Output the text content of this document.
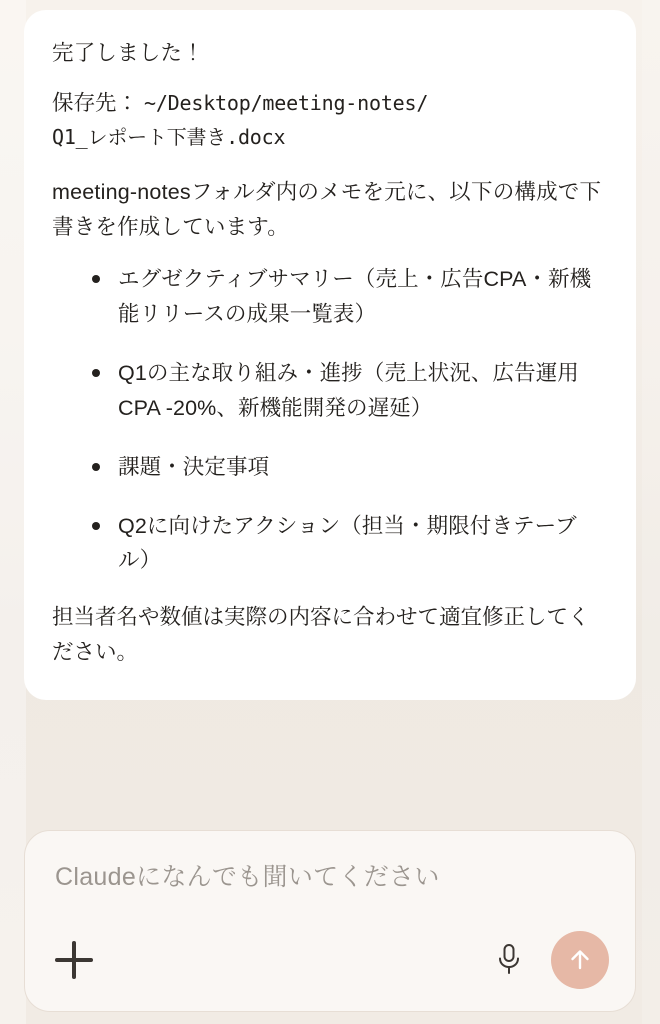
完了しました！

保存先： ~/Desktop/meeting-notes/
Q1_レポート下書き.docx

meeting-notesフォルダ内のメモを元に、以下の構成で下書きを作成しています。

エグゼクティブサマリー（売上・広告CPA・新機能リリースの成果一覧表）
Q1の主な取り組み・進捗（売上状況、広告運用CPA -20%、新機能開発の遅延）
課題・決定事項
Q2に向けたアクション（担当・期限付きテーブル）

担当者名や数値は実際の内容に合わせて適宜修正してください。

Claudeになんでも聞いてください
